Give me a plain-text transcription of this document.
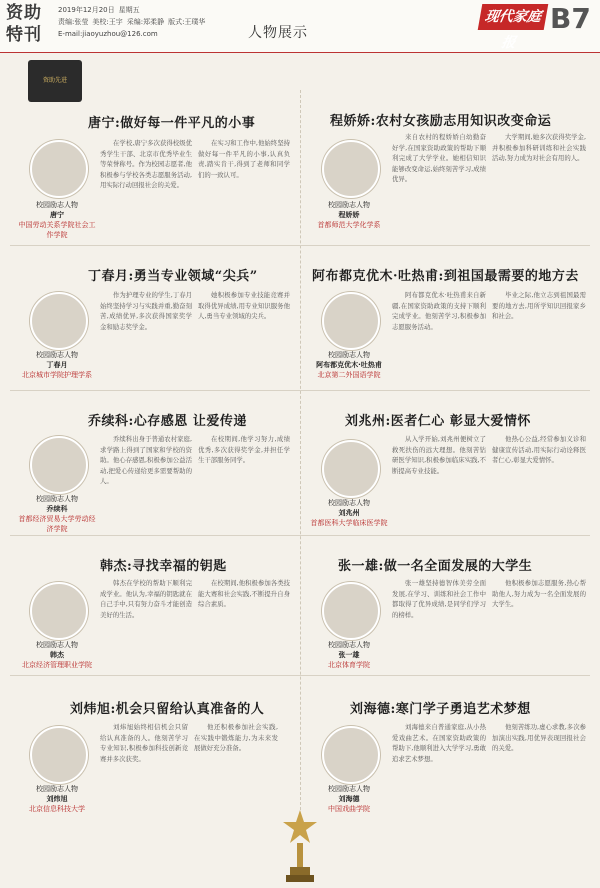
资助特刊
2019年12月20日 星期五
责编:张莹 美校:王宇 采编:郑柔静 版式:王璞华
E-mail:jiaoyuzhou@126.com	人物展示
现代家庭报
B7
资助先进
唐宁:做好每一件平凡的小事
校园励志人物
唐宁
中国劳动关系学院社会工作学院

在学校,唐宁多次获得校级优秀学生干部、北京市优秀毕业生等荣誉称号。作为校园志愿者,他积极参与学校各类志愿服务活动,用实际行动回报社会的关爱。

在实习和工作中,他始终坚持做好每一件平凡的小事,认真负责,踏实肯干,得到了老师和同学们的一致认可。

程娇娇:农村女孩励志用知识改变命运
校园励志人物
程娇娇
首都师范大学化学系

来自农村的程娇娇自幼勤奋好学,在国家资助政策的帮助下顺利完成了大学学业。她相信知识能够改变命运,始终刻苦学习,成绩优异。

大学期间,她多次获得奖学金,并积极参加科研训练和社会实践活动,努力成为对社会有用的人。

丁春月:勇当专业领域“尖兵”
校园励志人物
丁春月
北京城市学院护理学系

作为护理专业的学生,丁春月始终坚持学习与实践并重,勤奋刻苦,成绩优异,多次获得国家奖学金和励志奖学金。

她积极参加专业技能竞赛并取得优异成绩,用专业知识服务他人,勇当专业领域的尖兵。

阿布都克优木·吐热甫:到祖国最需要的地方去
校园励志人物
阿布都克优木·吐热甫
北京第二外国语学院

阿布都克优木·吐热甫来自新疆,在国家资助政策的支持下顺利完成学业。他刻苦学习,积极参加志愿服务活动。

毕业之际,他立志到祖国最需要的地方去,用所学知识回报家乡和社会。

乔续科:心存感恩 让爱传递
校园励志人物
乔续科
首都经济贸易大学劳动经济学院

乔续科出身于普通农村家庭,求学路上得到了国家和学校的资助。他心存感恩,积极参加公益活动,把爱心传递给更多需要帮助的人。

在校期间,他学习努力,成绩优秀,多次获得奖学金,并担任学生干部服务同学。

刘兆州:医者仁心 彰显大爱情怀
校园励志人物
刘兆州
首都医科大学临床医学院

从入学开始,刘兆州便树立了救死扶伤的远大理想。他刻苦钻研医学知识,积极参加临床实践,不断提高专业技能。

他热心公益,经常参加义诊和健康宣传活动,用实际行动诠释医者仁心,彰显大爱情怀。

韩杰:寻找幸福的钥匙
校园励志人物
韩杰
北京经济管理职业学院

韩杰在学校的帮助下顺利完成学业。他认为,幸福的钥匙就在自己手中,只有努力奋斗才能创造美好的生活。

在校期间,他积极参加各类技能大赛和社会实践,不断提升自身综合素质。

张一雄:做一名全面发展的大学生
校园励志人物
张一雄
北京体育学院

张一雄坚持德智体美劳全面发展,在学习、训练和社会工作中都取得了优异成绩,是同学们学习的榜样。

他积极参加志愿服务,热心帮助他人,努力成为一名全面发展的大学生。

刘炜旭:机会只留给认真准备的人
校园励志人物
刘炜旭
北京信息科技大学

刘炜旭始终相信机会只留给认真准备的人。他刻苦学习专业知识,积极参加科技创新竞赛并多次获奖。

他还积极参加社会实践,在实践中锻炼能力,为未来发展做好充分准备。

刘海德:寒门学子勇追艺术梦想
校园励志人物
刘海德
中国戏曲学院

刘海德来自普通家庭,从小热爱戏曲艺术。在国家资助政策的帮助下,他顺利进入大学学习,勇敢追求艺术梦想。

他刻苦练功,虚心求教,多次参加演出实践,用优异表现回报社会的关爱。
